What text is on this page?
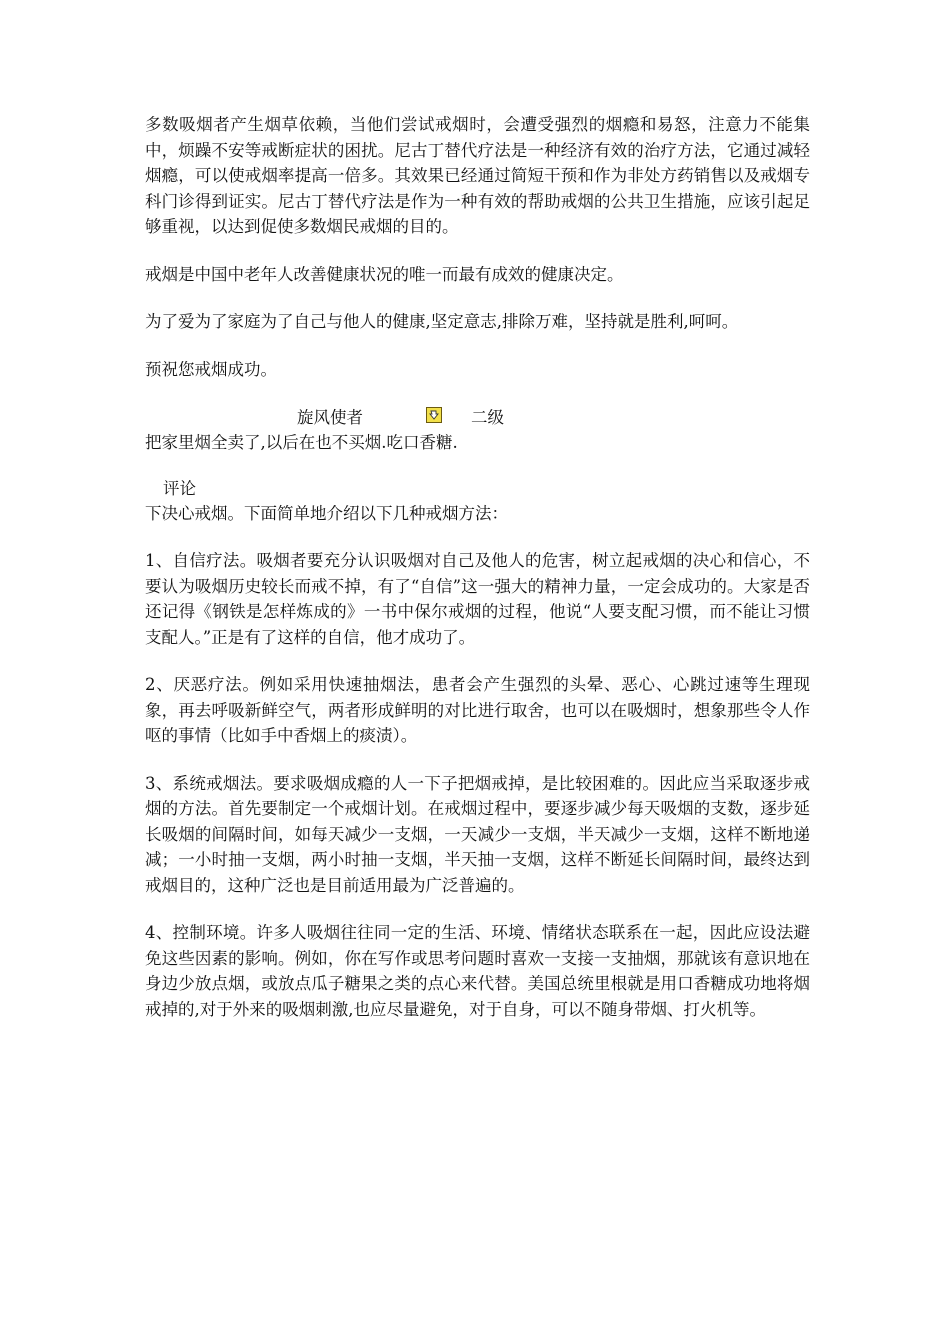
多数吸烟者产生烟草依赖，当他们尝试戒烟时，会遭受强烈的烟瘾和易怒，注意力不能集中，烦躁不安等戒断症状的困扰。尼古丁替代疗法是一种经济有效的治疗方法，它通过减轻烟瘾，可以使戒烟率提高一倍多。其效果已经通过简短干预和作为非处方药销售以及戒烟专科门诊得到证实。尼古丁替代疗法是作为一种有效的帮助戒烟的公共卫生措施，应该引起足够重视，以达到促使多数烟民戒烟的目的。

戒烟是中国中老年人改善健康状况的唯一而最有成效的健康决定。

为了爱为了家庭为了自己与他人的健康,坚定意志,排除万难，坚持就是胜利,呵呵。

预祝您戒烟成功。

旋风使者	二级

把家里烟全卖了,以后在也不买烟.吃口香糖.

评论

下决心戒烟。下面简单地介绍以下几种戒烟方法：

1、自信疗法。吸烟者要充分认识吸烟对自己及他人的危害，树立起戒烟的决心和信心，不要认为吸烟历史较长而戒不掉，有了“自信”这一强大的精神力量，一定会成功的。大家是否还记得《钢铁是怎样炼成的》一书中保尔戒烟的过程，他说“人要支配习惯，而不能让习惯支配人。”正是有了这样的自信，他才成功了。

2、厌恶疗法。例如采用快速抽烟法，患者会产生强烈的头晕、恶心、心跳过速等生理现象，再去呼吸新鲜空气，两者形成鲜明的对比进行取舍，也可以在吸烟时，想象那些令人作呕的事情（比如手中香烟上的痰渍）。

3、系统戒烟法。要求吸烟成瘾的人一下子把烟戒掉，是比较困难的。因此应当采取逐步戒烟的方法。首先要制定一个戒烟计划。在戒烟过程中，要逐步减少每天吸烟的支数，逐步延长吸烟的间隔时间，如每天减少一支烟，一天减少一支烟，半天减少一支烟，这样不断地递减；一小时抽一支烟，两小时抽一支烟，半天抽一支烟，这样不断延长间隔时间，最终达到戒烟目的，这种广泛也是目前适用最为广泛普遍的。

4、控制环境。许多人吸烟往往同一定的生活、环境、情绪状态联系在一起，因此应设法避免这些因素的影响。例如，你在写作或思考问题时喜欢一支接一支抽烟，那就该有意识地在身边少放点烟，或放点瓜子糖果之类的点心来代替。美国总统里根就是用口香糖成功地将烟戒掉的,对于外来的吸烟刺激,也应尽量避免，对于自身，可以不随身带烟、打火机等。
